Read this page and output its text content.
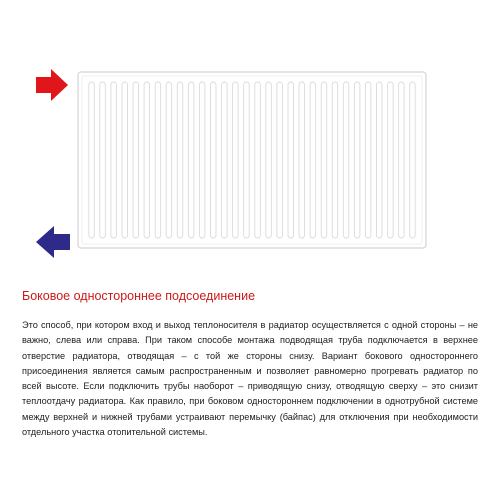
Боковое одностороннее подсоединение
Это способ, при котором вход и выход теплоносителя в радиатор осуществляется с одной стороны – не важно, слева или справа. При таком способе монтажа подводящая труба подключается в верхнее отверстие радиатора, отводящая – с той же стороны снизу. Вариант бокового одностороннего присоединения является самым распространенным и позволяет равномерно прогревать радиатор по всей высоте. Если подключить трубы наоборот – приводящую снизу, отводящую сверху – это снизит теплоотдачу радиатора. Как правило, при боковом одностороннем подключении в однотрубной системе между верхней и нижней трубами устраивают перемычку (байпас) для отключения при необходимости отдельного участка отопительной системы.
